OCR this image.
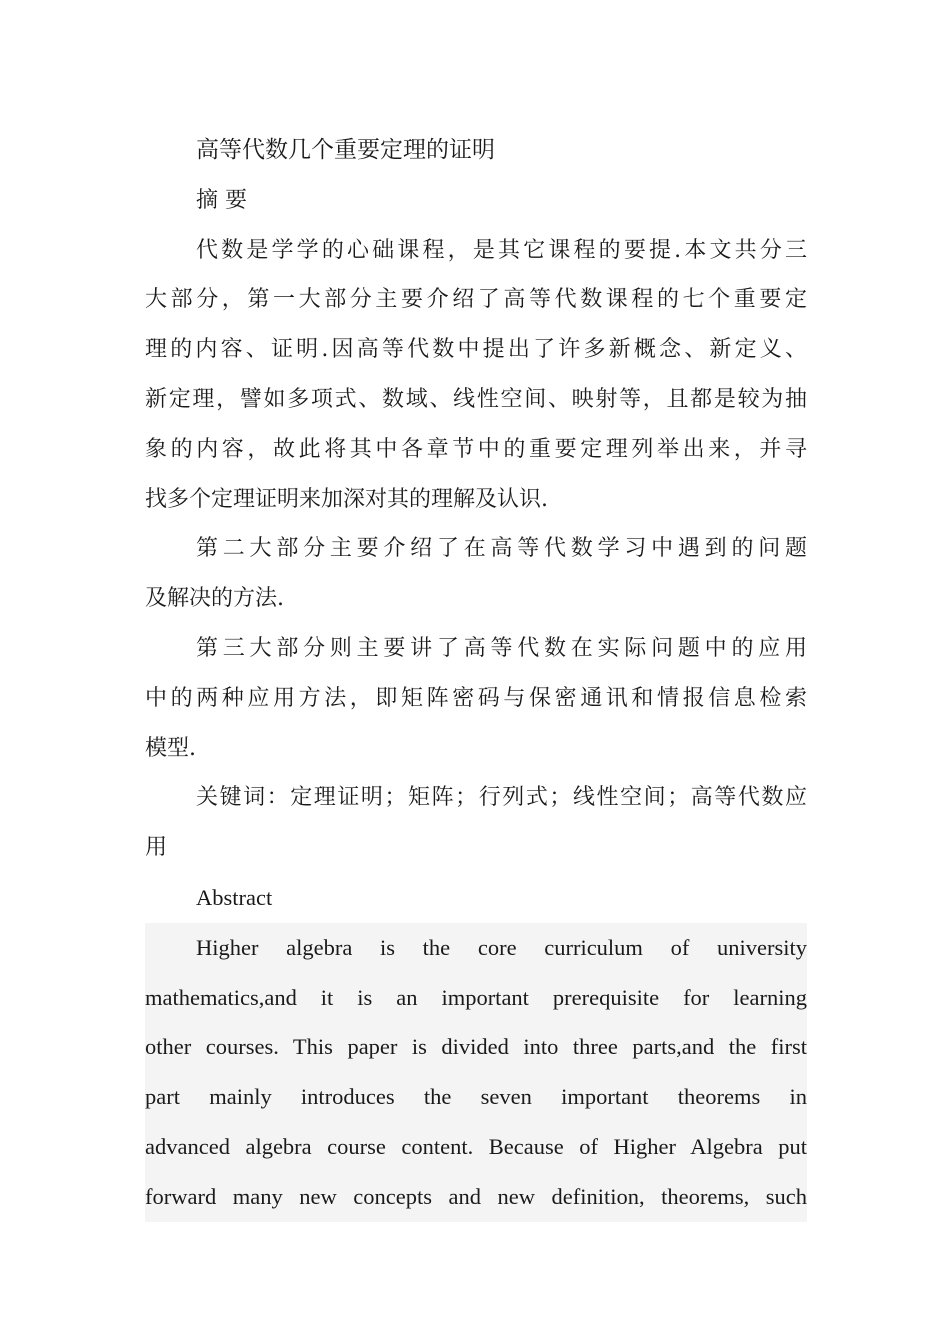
高等代数几个重要定理的证明
摘 要
代数是学学的心础课程，是其它课程的要提.本文共分三
大部分，第一大部分主要介绍了高等代数课程的七个重要定
理的内容、证明.因高等代数中提出了许多新概念、新定义、
新定理，譬如多项式、数域、线性空间、映射等，且都是较为抽
象的内容，故此将其中各章节中的重要定理列举出来，并寻
找多个定理证明来加深对其的理解及认识.
第二大部分主要介绍了在高等代数学习中遇到的问题
及解决的方法.
第三大部分则主要讲了高等代数在实际问题中的应用
中的两种应用方法，即矩阵密码与保密通讯和情报信息检索
模型.
关键词：定理证明；矩阵；行列式；线性空间；高等代数应
用
Abstract
Higher algebra is the core curriculum of university
mathematics,and it is an important prerequisite for learning
other courses. This paper is divided into three parts,and the first
part mainly introduces the seven important theorems in
advanced algebra course content. Because of Higher Algebra put
forward many new concepts and new definition, theorems, such
